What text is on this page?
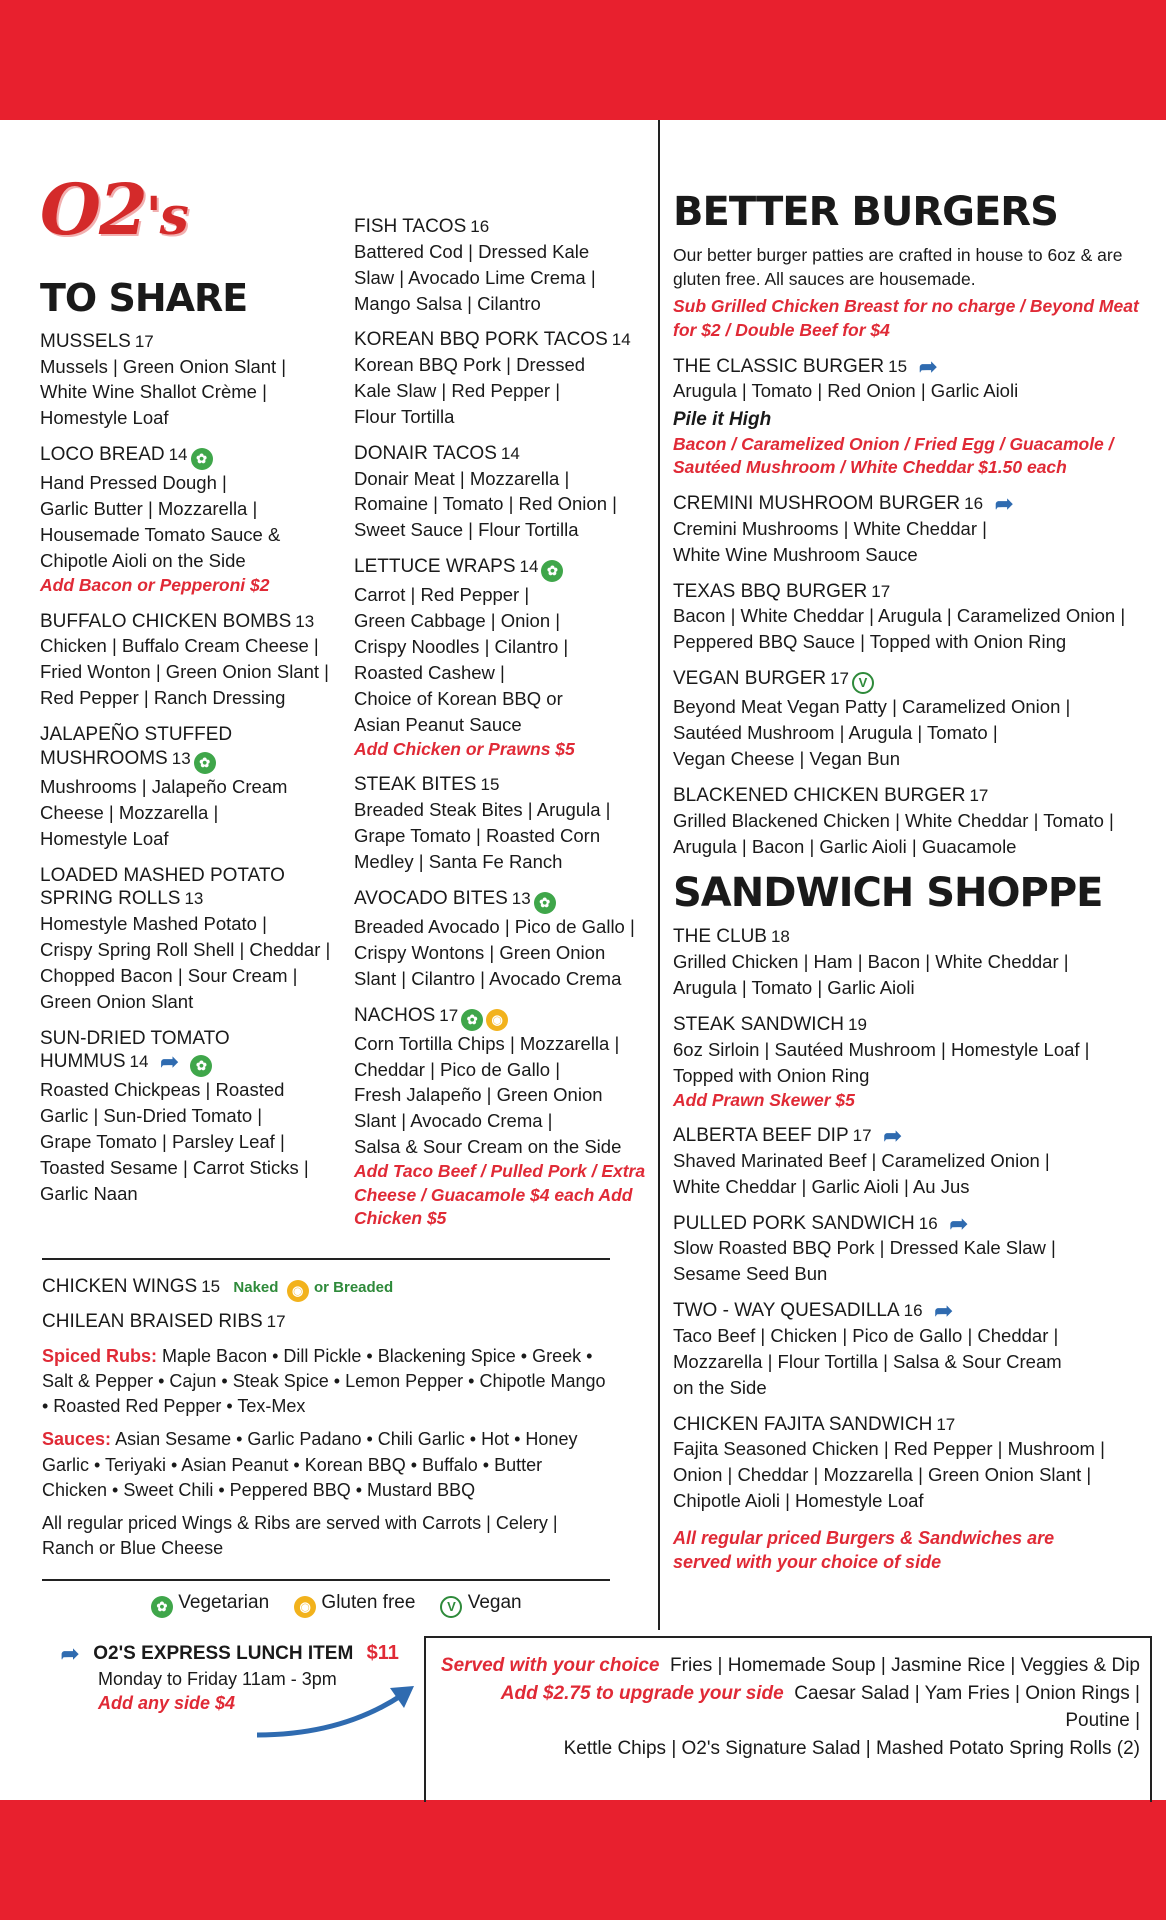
O2's
TO SHARE
MUSSELS 17
Mussels | Green Onion Slant |
White Wine Shallot Crème |
Homestyle Loaf
LOCO BREAD 14 ✿
Hand Pressed Dough |
Garlic Butter | Mozzarella |
Housemade Tomato Sauce &
Chipotle Aioli on the Side
Add Bacon or Pepperoni $2
BUFFALO CHICKEN BOMBS 13
Chicken | Buffalo Cream Cheese |
Fried Wonton | Green Onion Slant |
Red Pepper | Ranch Dressing
JALAPEÑO STUFFED MUSHROOMS 13 ✿
Mushrooms | Jalapeño Cream
Cheese | Mozzarella |
Homestyle Loaf
LOADED MASHED POTATO SPRING ROLLS 13
Homestyle Mashed Potato |
Crispy Spring Roll Shell | Cheddar |
Chopped Bacon | Sour Cream |
Green Onion Slant
SUN-DRIED TOMATO HUMMUS 14 ➦ ✿
Roasted Chickpeas | Roasted
Garlic | Sun-Dried Tomato |
Grape Tomato | Parsley Leaf |
Toasted Sesame | Carrot Sticks |
Garlic Naan
FISH TACOS 16
Battered Cod | Dressed Kale
Slaw | Avocado Lime Crema |
Mango Salsa | Cilantro
KOREAN BBQ PORK TACOS 14
Korean BBQ Pork | Dressed
Kale Slaw | Red Pepper |
Flour Tortilla
DONAIR TACOS 14
Donair Meat | Mozzarella |
Romaine | Tomato | Red Onion |
Sweet Sauce | Flour Tortilla
LETTUCE WRAPS 14 ✿
Carrot | Red Pepper |
Green Cabbage | Onion |
Crispy Noodles | Cilantro |
Roasted Cashew |
Choice of Korean BBQ or
Asian Peanut Sauce
Add Chicken or Prawns $5
STEAK BITES 15
Breaded Steak Bites | Arugula |
Grape Tomato | Roasted Corn
Medley | Santa Fe Ranch
AVOCADO BITES 13 ✿
Breaded Avocado | Pico de Gallo |
Crispy Wontons | Green Onion
Slant | Cilantro | Avocado Crema
NACHOS 17 ✿ ◉
Corn Tortilla Chips | Mozzarella |
Cheddar | Pico de Gallo |
Fresh Jalapeño | Green Onion
Slant | Avocado Crema |
Salsa & Sour Cream on the Side
Add Taco Beef / Pulled Pork / Extra Cheese / Guacamole $4 each Add Chicken $5
BETTER BURGERS
Our better burger patties are crafted in house to 6oz & are gluten free. All sauces are housemade.
Sub Grilled Chicken Breast for no charge / Beyond Meat for $2 / Double Beef for $4
THE CLASSIC BURGER 15 ➦
Arugula | Tomato | Red Onion | Garlic Aioli
Pile it High
Bacon / Caramelized Onion / Fried Egg / Guacamole / Sautéed Mushroom / White Cheddar $1.50 each
CREMINI MUSHROOM BURGER 16 ➦
Cremini Mushrooms | White Cheddar |
White Wine Mushroom Sauce
TEXAS BBQ BURGER 17
Bacon | White Cheddar | Arugula | Caramelized Onion |
Peppered BBQ Sauce | Topped with Onion Ring
VEGAN BURGER 17 V
Beyond Meat Vegan Patty | Caramelized Onion |
Sautéed Mushroom | Arugula | Tomato |
Vegan Cheese | Vegan Bun
BLACKENED CHICKEN BURGER 17
Grilled Blackened Chicken | White Cheddar | Tomato |
Arugula | Bacon | Garlic Aioli | Guacamole
SANDWICH SHOPPE
THE CLUB 18
Grilled Chicken | Ham | Bacon | White Cheddar |
Arugula | Tomato | Garlic Aioli
STEAK SANDWICH 19
6oz Sirloin | Sautéed Mushroom | Homestyle Loaf |
Topped with Onion Ring
Add Prawn Skewer $5
ALBERTA BEEF DIP 17 ➦
Shaved Marinated Beef | Caramelized Onion |
White Cheddar | Garlic Aioli | Au Jus
PULLED PORK SANDWICH 16 ➦
Slow Roasted BBQ Pork | Dressed Kale Slaw |
Sesame Seed Bun
TWO - WAY QUESADILLA 16 ➦
Taco Beef | Chicken | Pico de Gallo | Cheddar |
Mozzarella | Flour Tortilla | Salsa & Sour Cream
on the Side
CHICKEN FAJITA SANDWICH 17
Fajita Seasoned Chicken | Red Pepper | Mushroom |
Onion | Cheddar | Mozzarella | Green Onion Slant |
Chipotle Aioli | Homestyle Loaf
All regular priced Burgers & Sandwiches are served with your choice of side
CHICKEN WINGS 15 Naked ◉ or Breaded
CHILEAN BRAISED RIBS 17
Spiced Rubs: Maple Bacon • Dill Pickle • Blackening Spice • Greek • Salt & Pepper • Cajun • Steak Spice • Lemon Pepper • Chipotle Mango • Roasted Red Pepper • Tex-Mex
Sauces: Asian Sesame • Garlic Padano • Chili Garlic • Hot • Honey Garlic • Teriyaki • Asian Peanut • Korean BBQ • Buffalo • Butter Chicken • Sweet Chili • Peppered BBQ • Mustard BBQ
All regular priced Wings & Ribs are served with Carrots | Celery | Ranch or Blue Cheese
✿ Vegetarian	◉ Gluten free	V Vegan
➦ O2'S EXPRESS LUNCH ITEM $11
Monday to Friday 11am - 3pm
Add any side $4
Served with your choice Fries | Homemade Soup | Jasmine Rice | Veggies & Dip
Add $2.75 to upgrade your side Caesar Salad | Yam Fries | Onion Rings | Poutine |
Kettle Chips | O2's Signature Salad | Mashed Potato Spring Rolls (2)
